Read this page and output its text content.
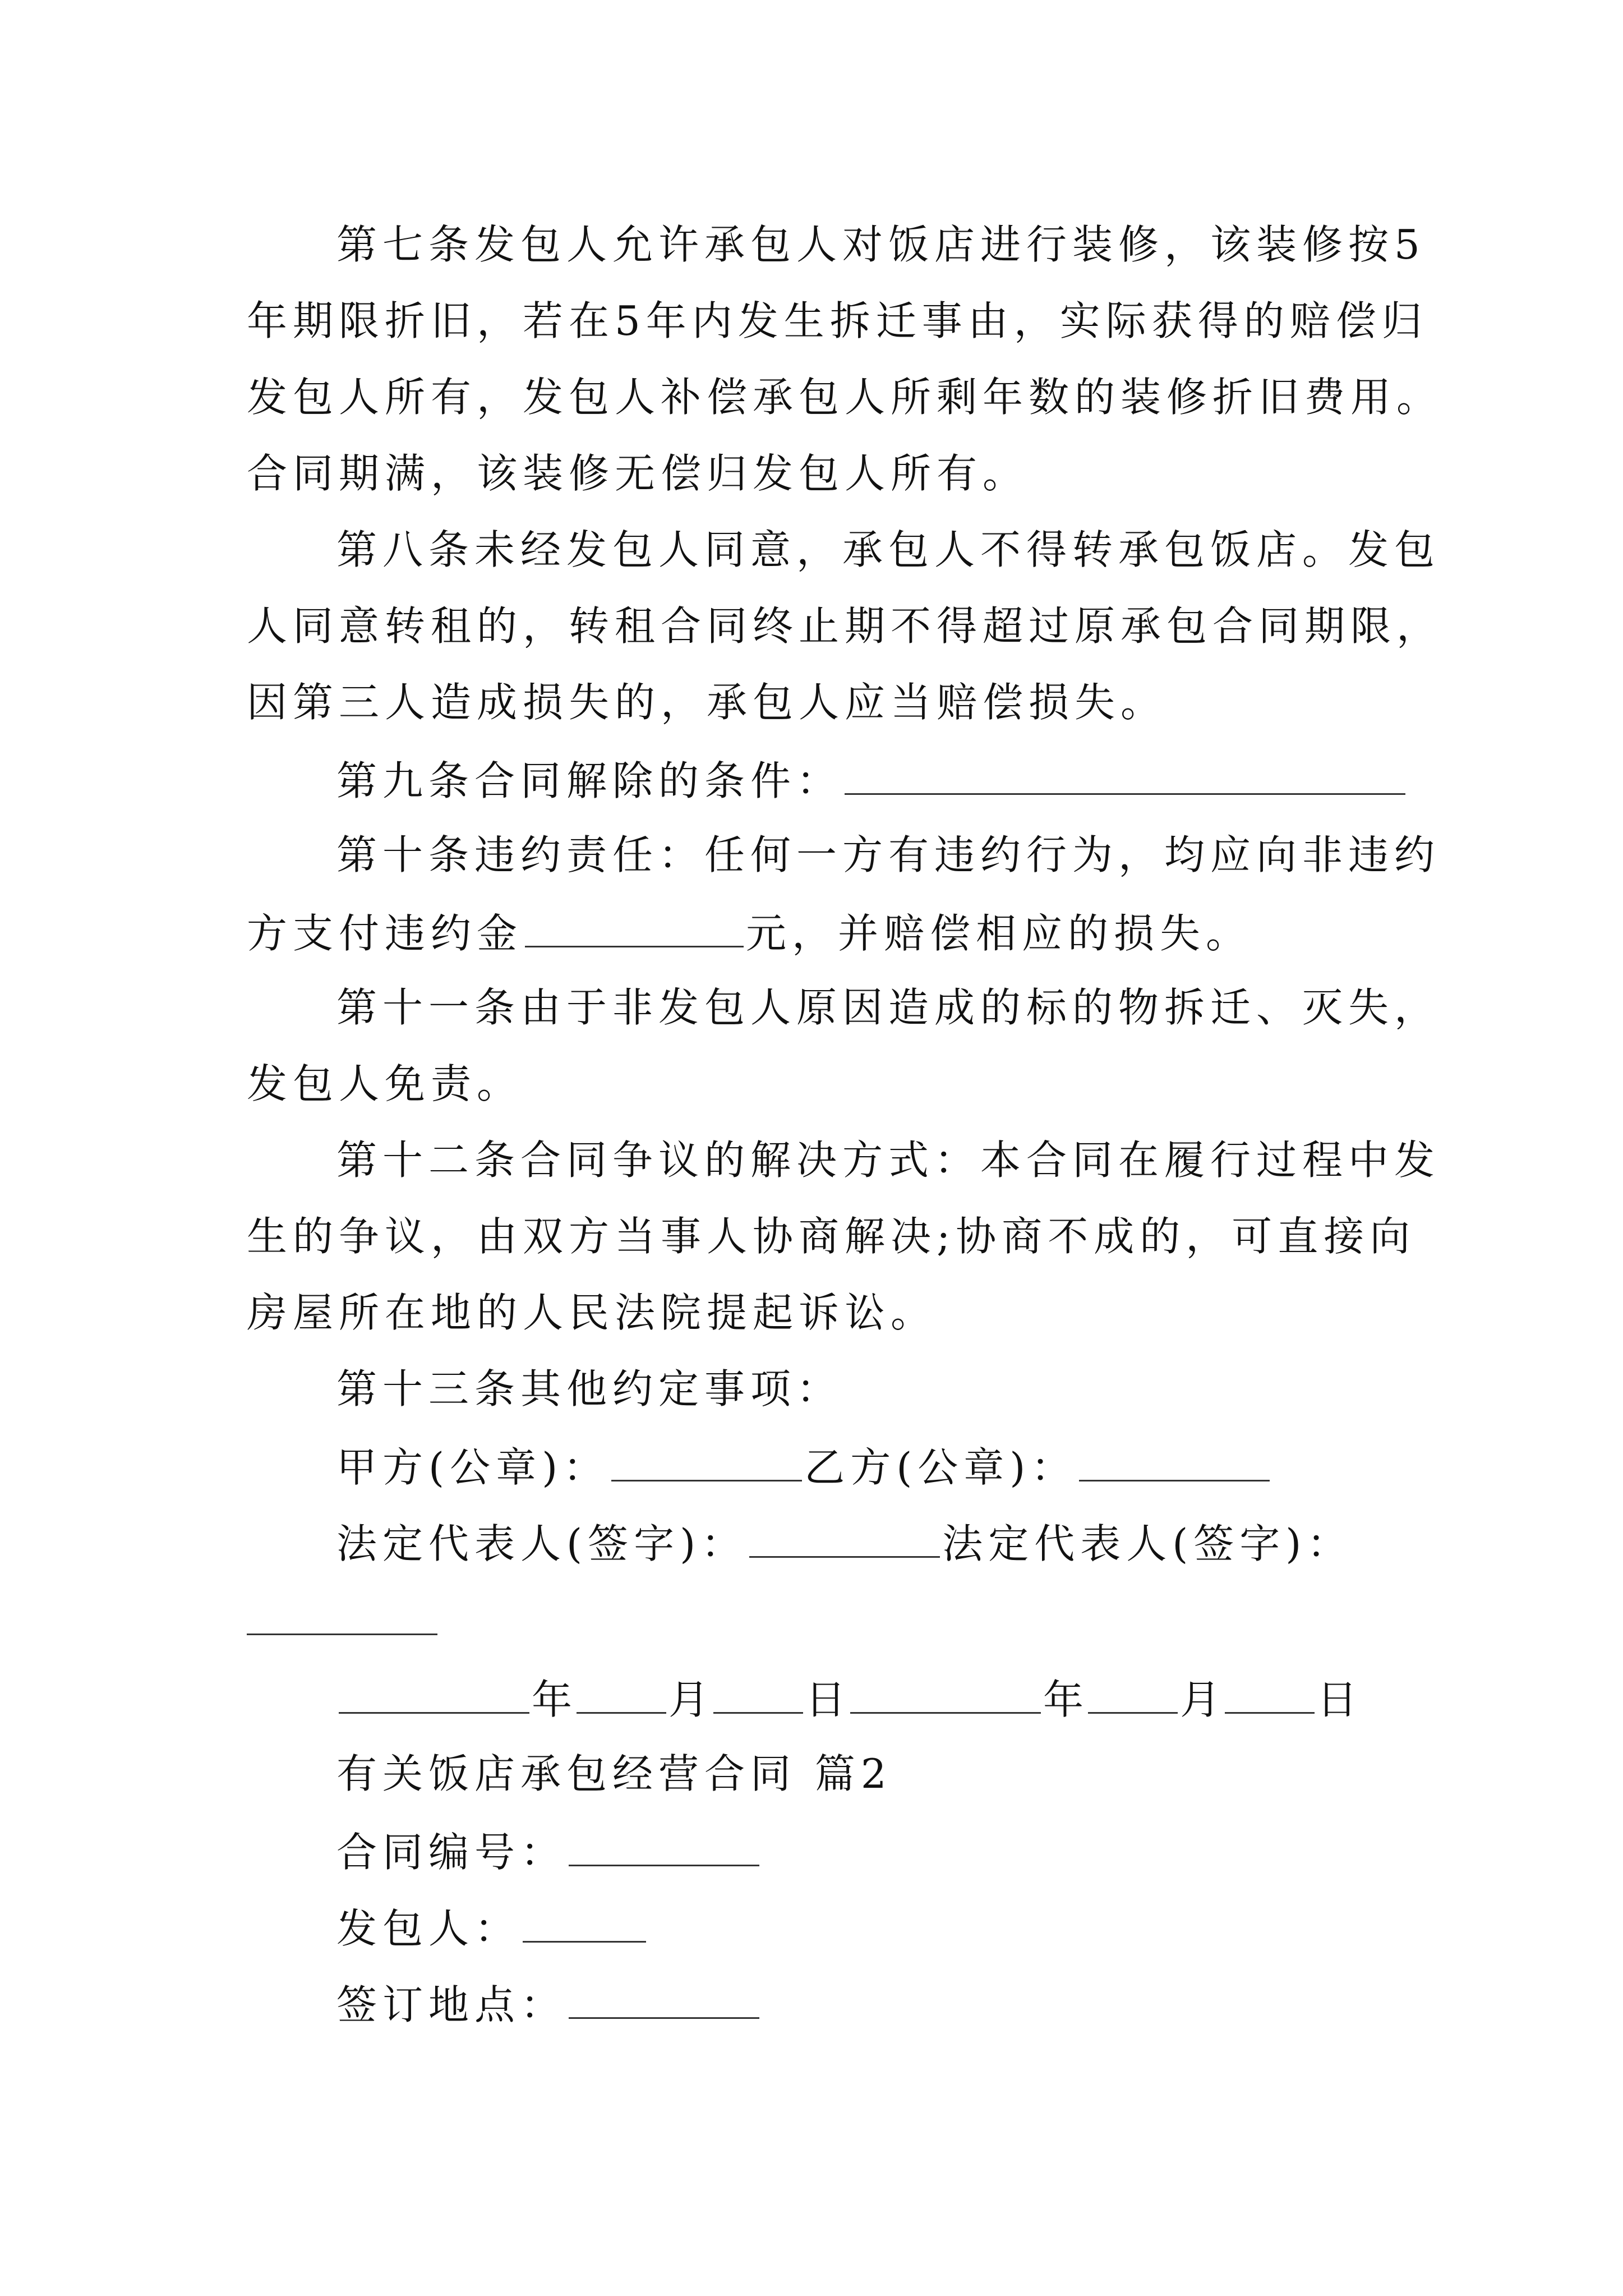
第七条发包人允许承包人对饭店进行装修，该装修按5
年期限折旧，若在5年内发生拆迁事由，实际获得的赔偿归
发包人所有，发包人补偿承包人所剩年数的装修折旧费用。
合同期满，该装修无偿归发包人所有。
第八条未经发包人同意，承包人不得转承包饭店。发包
人同意转租的，转租合同终止期不得超过原承包合同期限，
因第三人造成损失的，承包人应当赔偿损失。
第九条合同解除的条件：
第十条违约责任：任何一方有违约行为，均应向非违约
方支付违约金	元，并赔偿相应的损失。
第十一条由于非发包人原因造成的标的物拆迁、灭失，
发包人免责。
第十二条合同争议的解决方式：本合同在履行过程中发
生的争议，由双方当事人协商解决;协商不成的，可直接向
房屋所在地的人民法院提起诉讼。
第十三条其他约定事项：
甲方(公章)：	乙方(公章)：
法定代表人(签字)：	法定代表人(签字)：
年 月 日	年 月 日
有关饭店承包经营合同 篇2
合同编号：
发包人：
签订地点：
